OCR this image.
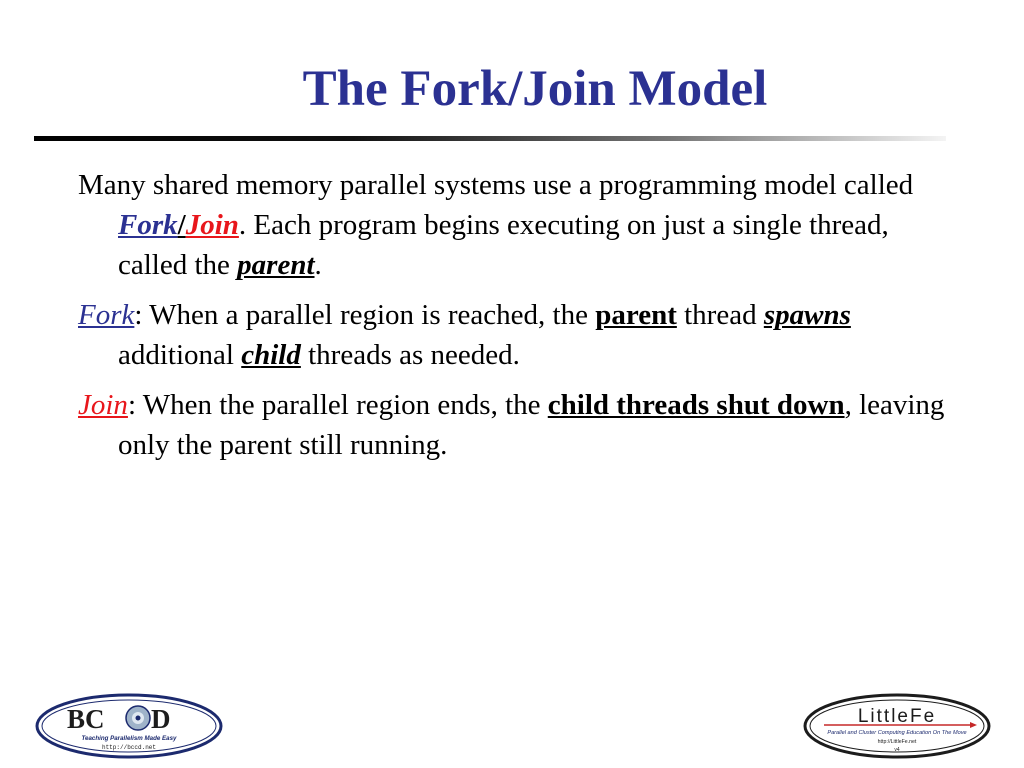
The Fork/Join Model

Many shared memory parallel systems use a programming model called Fork/Join. Each program begins executing on just a single thread, called the parent.

Fork: When a parallel region is reached, the parent thread spawns additional child threads as needed.

Join: When the parallel region ends, the child threads shut down, leaving only the parent still running.

BC D
Teaching Parallelism Made Easy
http://bccd.net
LittleFe
Parallel and Cluster Computing Education On The Move
http://LittleFe.net
v4
